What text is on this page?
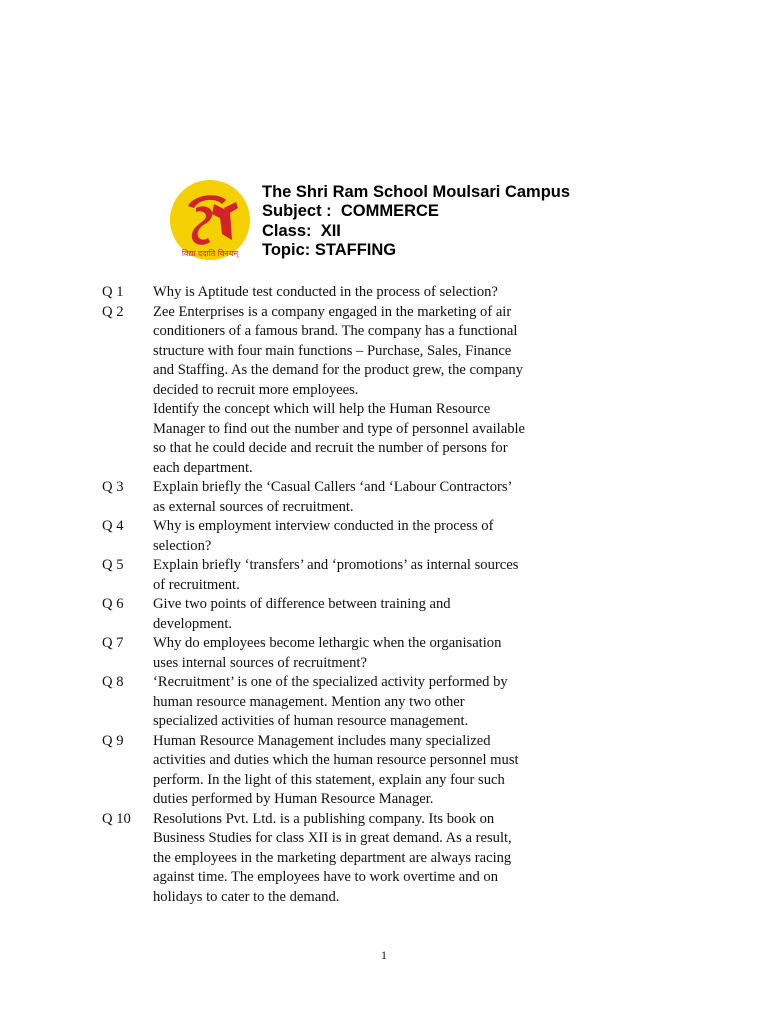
विद्या ददाति विनयम्
The Shri Ram School Moulsari Campus
Subject :  COMMERCE
Class:  XII
Topic: STAFFING
Q 1	Why is Aptitude test conducted in the process of selection?
Q 2	Zee Enterprises is a company engaged in the marketing of air
conditioners of a famous brand. The company has a functional
structure with four main functions – Purchase, Sales, Finance
and Staffing. As the demand for the product grew, the company
decided to recruit more employees.
Identify the concept which will help the Human Resource
Manager to find out the number and type of personnel available
so that he could decide and recruit the number of persons for
each department.
Q 3	Explain briefly the ‘Casual Callers ‘and ‘Labour Contractors’
as external sources of recruitment.
Q 4	Why is employment interview conducted in the process of
selection?
Q 5	Explain briefly ‘transfers’ and ‘promotions’ as internal sources
of recruitment.
Q 6	Give two points of difference between training and
development.
Q 7	Why do employees become lethargic when the organisation
uses internal sources of recruitment?
Q 8	‘Recruitment’ is one of the specialized activity performed by
human resource management. Mention any two other
specialized activities of human resource management.
Q 9	Human Resource Management includes many specialized
activities and duties which the human resource personnel must
perform. In the light of this statement, explain any four such
duties performed by Human Resource Manager.
Q 10	Resolutions Pvt. Ltd. is a publishing company. Its book on
Business Studies for class XII is in great demand. As a result,
the employees in the marketing department are always racing
against time. The employees have to work overtime and on
holidays to cater to the demand.
1
